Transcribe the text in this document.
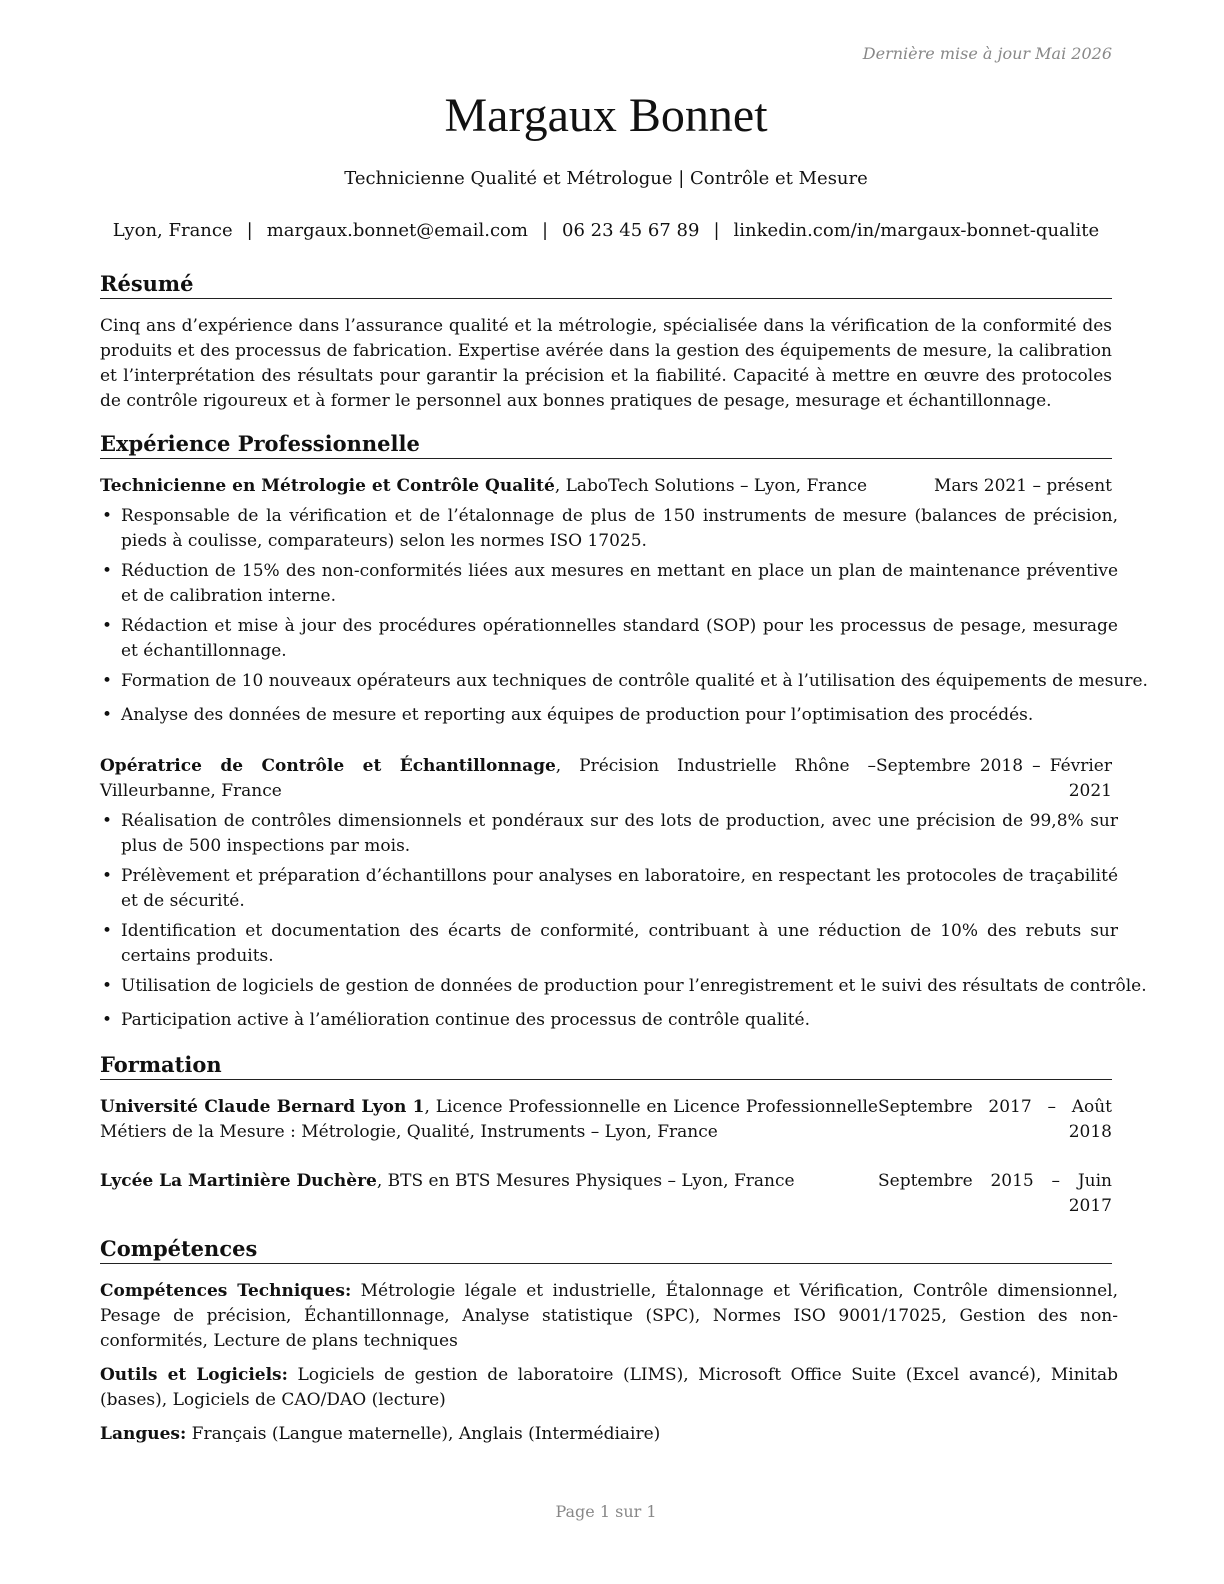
Dernière mise à jour Mai 2026
Margaux Bonnet
Technicienne Qualité et Métrologue | Contrôle et Mesure
Lyon, France | margaux.bonnet@email.com | 06 23 45 67 89 | linkedin.com/in/margaux-bonnet-qualite
Résumé

Cinq ans d’expérience dans l’assurance qualité et la métrologie, spécialisée dans la vérification de la conformité des produits et des processus de fabrication. Expertise avérée dans la gestion des équipements de mesure, la calibration et l’interprétation des résultats pour garantir la précision et la fiabilité. Capacité à mettre en œuvre des protocoles de contrôle rigoureux et à former le personnel aux bonnes pratiques de pesage, mesurage et échantillonnage.

Expérience Professionnelle
Technicienne en Métrologie et Contrôle Qualité, LaboTech Solutions – Lyon, France	Mars 2021 – présent
• Responsable de la vérification et de l’étalonnage de plus de 150 instruments de mesure (balances de précision, pieds à coulisse, comparateurs) selon les normes ISO 17025.
• Réduction de 15% des non-conformités liées aux mesures en mettant en place un plan de maintenance préventive et de calibration interne.
• Rédaction et mise à jour des procédures opérationnelles standard (SOP) pour les processus de pesage, mesurage et échantillonnage.
• Formation de 10 nouveaux opérateurs aux techniques de contrôle qualité et à l’utilisation des équipements de mesure.
• Analyse des données de mesure et reporting aux équipes de production pour l’optimisation des procédés.
Opératrice de Contrôle et Échantillonnage, Précision Industrielle Rhône – Villeurbanne, France
Septembre 2018 – Février 2021
• Réalisation de contrôles dimensionnels et pondéraux sur des lots de production, avec une précision de 99,8% sur plus de 500 inspections par mois.
• Prélèvement et préparation d’échantillons pour analyses en laboratoire, en respectant les protocoles de traçabilité et de sécurité.
• Identification et documentation des écarts de conformité, contribuant à une réduction de 10% des rebuts sur certains produits.
• Utilisation de logiciels de gestion de données de production pour l’enregistrement et le suivi des résultats de contrôle.
• Participation active à l’amélioration continue des processus de contrôle qualité.
Formation
Université Claude Bernard Lyon 1, Licence Professionnelle en Licence Professionnelle Métiers de la Mesure : Métrologie, Qualité, Instruments – Lyon, France
Septembre 2017 – Août 2018
Lycée La Martinière Duchère, BTS en BTS Mesures Physiques – Lyon, France	Septembre 2015 – Juin 2017
Compétences

Compétences Techniques: Métrologie légale et industrielle, Étalonnage et Vérification, Contrôle dimensionnel, Pesage de précision, Échantillonnage, Analyse statistique (SPC), Normes ISO 9001/17025, Gestion des non-conformités, Lecture de plans techniques

Outils et Logiciels: Logiciels de gestion de laboratoire (LIMS), Microsoft Office Suite (Excel avancé), Minitab (bases), Logiciels de CAO/DAO (lecture)

Langues: Français (Langue maternelle), Anglais (Intermédiaire)

Page 1 sur 1
